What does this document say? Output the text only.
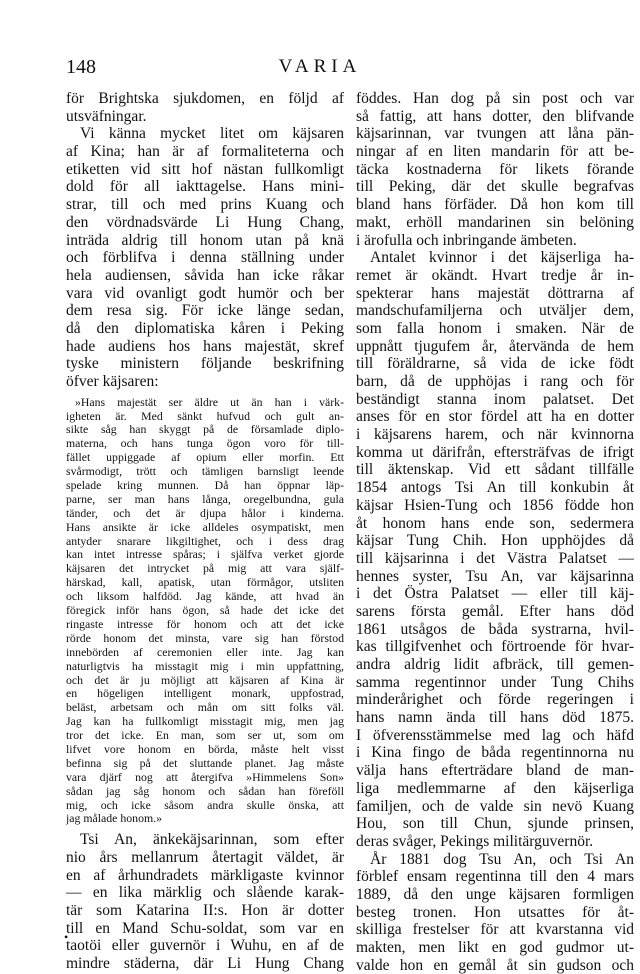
148	VARIA
för Brightska sjukdomen, en följd af
utsväfningar.
Vi känna mycket litet om käjsaren
af Kina; han är af formaliteterna och
etiketten vid sitt hof nästan fullkomligt
dold för all iakttagelse. Hans mini-
strar, till och med prins Kuang och
den vördnadsvärde Li Hung Chang,
inträda aldrig till honom utan på knä
och förblifva i denna ställning under
hela audiensen, såvida han icke råkar
vara vid ovanligt godt humör och ber
dem resa sig. För icke länge sedan,
då den diplomatiska kåren i Peking
hade audiens hos hans majestät, skref
tyske ministern följande beskrifning
öfver käjsaren:
»Hans majestät ser äldre ut än han i värk-
igheten är. Med sänkt hufvud och gult an-
sikte såg han skyggt på de församlade diplo-
materna, och hans tunga ögon voro för till-
fället uppiggade af opium eller morfin. Ett
svårmodigt, trött och tämligen barnsligt leende
spelade kring munnen. Då han öppnar läp-
parne, ser man hans långa, oregelbundna, gula
tänder, och det är djupa hålor i kinderna.
Hans ansikte är icke alldeles osympatiskt, men
antyder snarare likgiltighet, och i dess drag
kan intet intresse spåras; i själfva verket gjorde
käjsaren det intrycket på mig att vara själf-
härskad, kall, apatisk, utan förmågor, utsliten
och liksom halfdöd. Jag kände, att hvad än
föregick inför hans ögon, så hade det icke det
ringaste intresse för honom och att det icke
rörde honom det minsta, vare sig han förstod
innebörden af ceremonien eller inte. Jag kan
naturligtvis ha misstagit mig i min uppfattning,
och det är ju möjligt att käjsaren af Kina är
en högeligen intelligent monark, uppfostrad,
beläst, arbetsam och mån om sitt folks väl.
Jag kan ha fullkomligt misstagit mig, men jag
tror det icke. En man, som ser ut, som om
lifvet vore honom en börda, måste helt visst
befinna sig på det sluttande planet. Jag måste
vara djärf nog att återgifva »Himmelens Son»
sådan jag såg honom och sådan han föreföll
mig, och icke såsom andra skulle önska, att
jag målade honom.»
Tsi An, änkekäjsarinnan, som efter
nio års mellanrum återtagit väldet, är
en af århundradets märkligaste kvinnor
— en lika märklig och slående karak-
tär som Katarina II:s. Hon är dotter
till en Mand Schu-soldat, som var en
taotöi eller guvernör i Wuhu, en af de
mindre städerna, där Li Hung Chang
föddes. Han dog på sin post och var
så fattig, att hans dotter, den blifvande
käjsarinnan, var tvungen att låna pän-
ningar af en liten mandarin för att be-
täcka kostnaderna för likets förande
till Peking, där det skulle begrafvas
bland hans förfäder. Då hon kom till
makt, erhöll mandarinen sin belöning
i ärofulla och inbringande ämbeten.
Antalet kvinnor i det käjserliga ha-
remet är okändt. Hvart tredje år in-
spekterar hans majestät döttrarna af
mandschufamiljerna och utväljer dem,
som falla honom i smaken. När de
uppnått tjugufem år, återvända de hem
till föräldrarne, så vida de icke födt
barn, då de upphöjas i rang och för
beständigt stanna inom palatset. Det
anses för en stor fördel att ha en dotter
i käjsarens harem, och när kvinnorna
komma ut därifrån, eftersträfvas de ifrigt
till äktenskap. Vid ett sådant tillfälle
1854 antogs Tsi An till konkubin åt
käjsar Hsien-Tung och 1856 födde hon
åt honom hans ende son, sedermera
käjsar Tung Chih. Hon upphöjdes då
till käjsarinna i det Västra Palatset —
hennes syster, Tsu An, var käjsarinna
i det Östra Palatset — eller till käj-
sarens första gemål. Efter hans död
1861 utsågos de båda systrarna, hvil-
kas tillgifvenhet och förtroende för hvar-
andra aldrig lidit afbräck, till gemen-
samma regentinnor under Tung Chihs
minderårighet och förde regeringen i
hans namn ända till hans död 1875.
I öfverensstämmelse med lag och häfd
i Kina fingo de båda regentinnorna nu
välja hans efterträdare bland de man-
liga medlemmarne af den käjserliga
familjen, och de valde sin nevö Kuang
Hou, son till Chun, sjunde prinsen,
deras svåger, Pekings militärguvernör.
År 1881 dog Tsu An, och Tsi An
förblef ensam regentinna till den 4 mars
1889, då den unge käjsaren formligen
besteg tronen. Hon utsattes för åt-
skilliga frestelser för att kvarstanna vid
makten, men likt en god gudmor ut-
valde hon en gemål åt sin gudson och
•
